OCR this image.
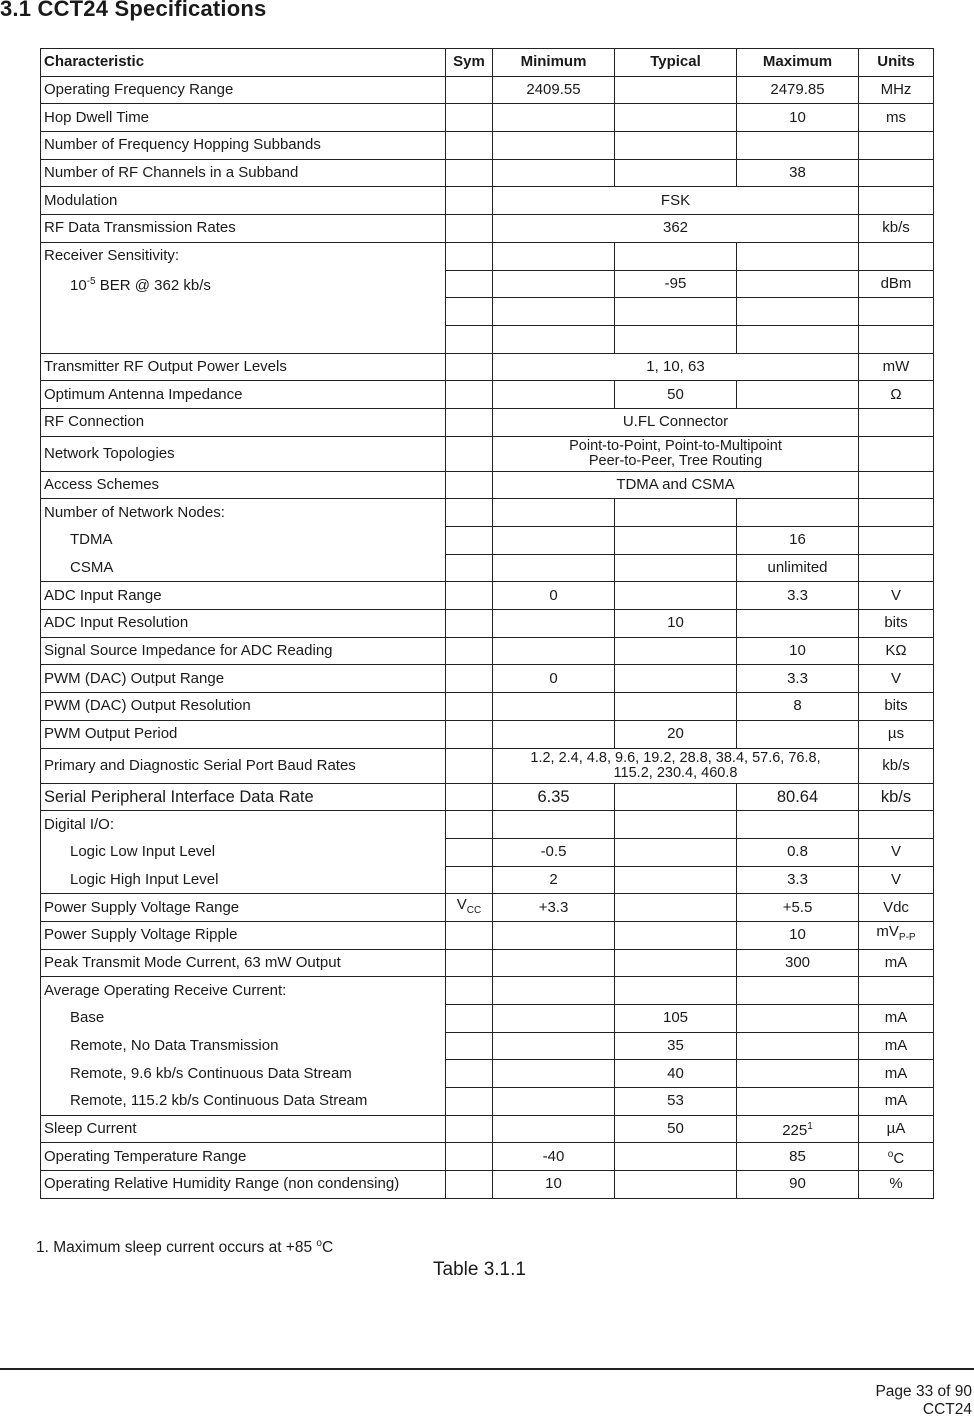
3.1 CCT24 Specifications
Characteristic	Sym	Minimum	Typical	Maximum	Units
Operating Frequency Range		2409.55		2479.85	MHz
Hop Dwell Time				10	ms
Number of Frequency Hopping Subbands					
Number of RF Channels in a Subband				38	
Modulation		FSK			
RF Data Transmission Rates		362			kb/s
Receiver Sensitivity:					
$10^{-5}$ BER @ 362 kb/s			-95		dBm

Transmitter RF Output Power Levels		1, 10, 63			mW
Optimum Antenna Impedance			50		Ω
RF Connection		U.FL Connector			
Network Topologies		Point-to-Point, Point-to-Multipoint
Peer-to-Peer, Tree Routing			

Access Schemes		TDMA and CSMA			
Number of Network Nodes:					
TDMA				16	
CSMA				unlimited	
ADC Input Range		0		3.3	V
ADC Input Resolution			10		bits
Signal Source Impedance for ADC Reading				10	KΩ
PWM (DAC) Output Range		0		3.3	V
PWM (DAC) Output Resolution				8	bits
PWM Output Period			20		µs
Primary and Diagnostic Serial Port Baud Rates		1.2, 2.4, 4.8, 9.6, 19.2, 28.8, 38.4, 57.6, 76.8,
115.2, 230.4, 460.8			kb/s
Serial Peripheral Interface Data Rate		6.35		80.64	kb/s
Digital I/O:					
Logic Low Input Level		-0.5		0.8	V
Logic High Input Level		2		3.3	V
Power Supply Voltage Range	$V_{CC}$	+3.3		+5.5	Vdc
Power Supply Voltage Ripple				10	$mV_{P-P}$
Peak Transmit Mode Current, 63 mW Output				300	mA
Average Operating Receive Current:					
Base			105		mA
Remote, No Data Transmission			35		mA
Remote, 9.6 kb/s Continuous Data Stream			40		mA
Remote, 115.2 kb/s Continuous Data Stream			53		mA
Sleep Current			50	$225^1$	µA
Operating Temperature Range		-40		85	$^o$C
Operating Relative Humidity Range (non condensing)		10		90	%
1. Maximum sleep current occurs at +85 $^o$C
Table 3.1.1
Page 33 of 90
CCT24
